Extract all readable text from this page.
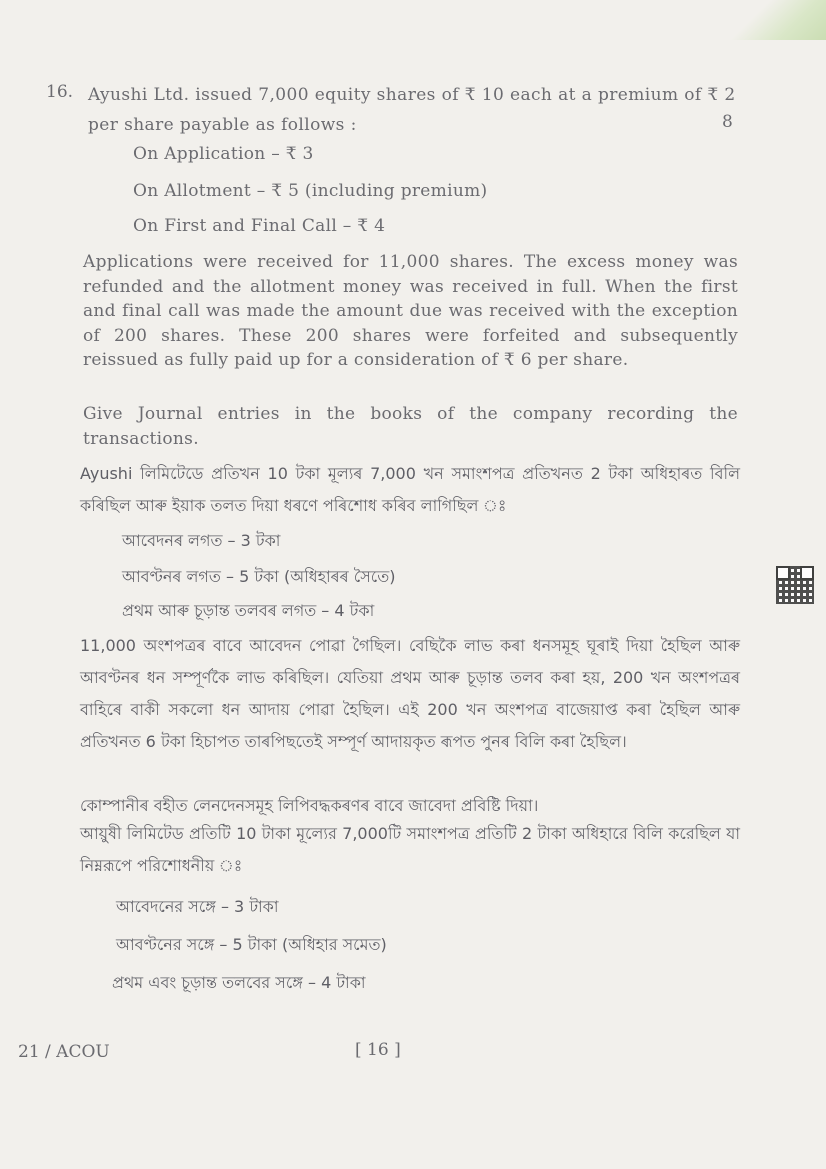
16. Ayushi Ltd. issued 7,000 equity shares of ₹ 10 each at a premium of ₹ 2 per share payable as follows :	8
On Application – ₹ 3
On Allotment – ₹ 5 (including premium)
On First and Final Call – ₹ 4
Applications were received for 11,000 shares. The excess money was refunded and the allotment money was received in full. When the first and final call was made the amount due was received with the exception of 200 shares. These 200 shares were forfeited and subsequently reissued as fully paid up for a consideration of ₹ 6 per share.
Give Journal entries in the books of the company recording the transactions.
Ayushi লিমিটেডে প্ৰতিখন 10 টকা মূল্যৰ 7,000 খন সমাংশপত্ৰ প্ৰতিখনত 2 টকা অধিহাৰত বিলি কৰিছিল আৰু ইয়াক তলত দিয়া ধৰণে পৰিশোধ কৰিব লাগিছিল ঃ
আবেদনৰ লগত – 3 টকা
আবণ্টনৰ লগত – 5 টকা (অধিহাৰৰ সৈতে)
প্ৰথম আৰু চূড়ান্ত তলবৰ লগত – 4 টকা
11,000 অংশপত্ৰৰ বাবে আবেদন পোৱা গৈছিল। বেছিকৈ লাভ কৰা ধনসমূহ ঘূৰাই দিয়া হৈছিল আৰু আবণ্টনৰ ধন সম্পূৰ্ণকৈ লাভ কৰিছিল। যেতিয়া প্ৰথম আৰু চূড়ান্ত তলব কৰা হয়, 200 খন অংশপত্ৰৰ বাহিৰে বাকী সকলো ধন আদায় পোৱা হৈছিল। এই 200 খন অংশপত্ৰ বাজেয়াপ্ত কৰা হৈছিল আৰু প্ৰতিখনত 6 টকা হিচাপত তাৰপিছতেই সম্পূৰ্ণ আদায়কৃত ৰূপত পুনৰ বিলি কৰা হৈছিল।
কোম্পানীৰ বহীত লেনদেনসমূহ লিপিবদ্ধকৰণৰ বাবে জাবেদা প্ৰবিষ্টি দিয়া।
আয়ুষী লিমিটেড প্রতিটি 10 টাকা মূল্যের 7,000টি সমাংশপত্র প্রতিটি 2 টাকা অধিহারে বিলি করেছিল যা নিম্নরূপে পরিশোধনীয় ঃ
আবেদনের সঙ্গে – 3 টাকা
আবণ্টনের সঙ্গে – 5 টাকা (অধিহার সমেত)
প্রথম এবং চূড়ান্ত তলবের সঙ্গে – 4 টাকা
21 / ACOU	[ 16 ]
